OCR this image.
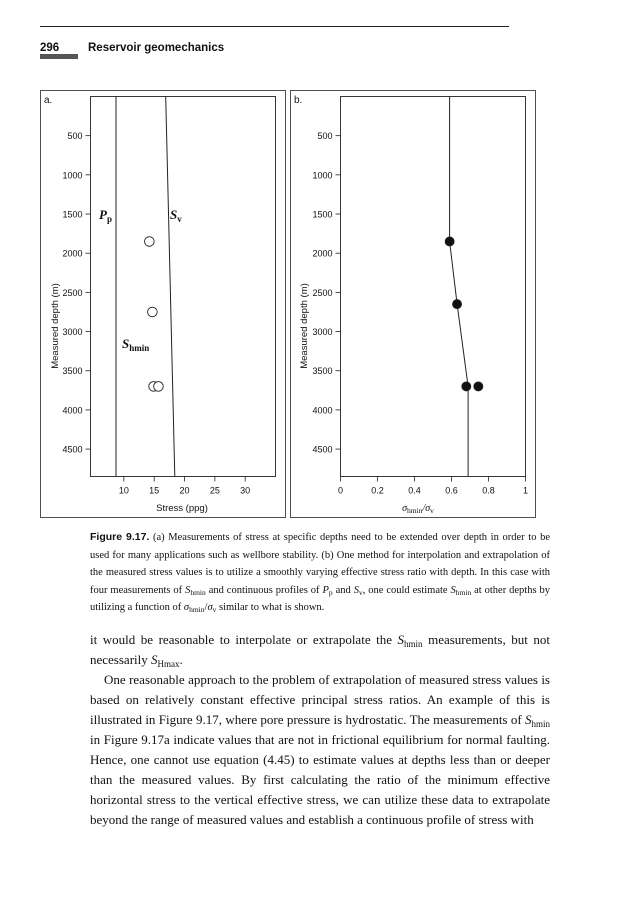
296	Reservoir geomechanics
a.	b.
Measured depth (m)	Measured depth (m)
Stress (ppg)	$\sigma_{hmin}/\sigma_v$
$P_p$	$S_v$
$S_{hmin}$
500
1000
1500
2000
2500
3000
3500
4000
4500
10 15 20 25 30
500
1000
1500
2000
2500
3000
3500
4000
4500
0	0.2	0.4	0.6	0.8	1
Figure 9.17. (a) Measurements of stress at specific depths need to be extended over depth in order to be used for many applications such as wellbore stability. (b) One method for interpolation and extrapolation of the measured stress values is to utilize a smoothly varying effective stress ratio with depth. In this case with four measurements of $S_{hmin}$ and continuous profiles of $P_p$ and $S_v$, one could estimate $S_{hmin}$ at other depths by utilizing a function of $\sigma_{hmin}/\sigma_v$ similar to what is shown.

it would be reasonable to interpolate or extrapolate the $S_{hmin}$ measurements, but not necessarily $S_{Hmax}$.

One reasonable approach to the problem of extrapolation of measured stress values is based on relatively constant effective principal stress ratios. An example of this is illustrated in Figure 9.17, where pore pressure is hydrostatic. The measurements of $S_{hmin}$ in Figure 9.17a indicate values that are not in frictional equilibrium for normal faulting. Hence, one cannot use equation (4.45) to estimate values at depths less than or deeper than the measured values. By first calculating the ratio of the minimum effective horizontal stress to the vertical effective stress, we can utilize these data to extrapolate beyond the range of measured values and establish a continuous profile of stress with
